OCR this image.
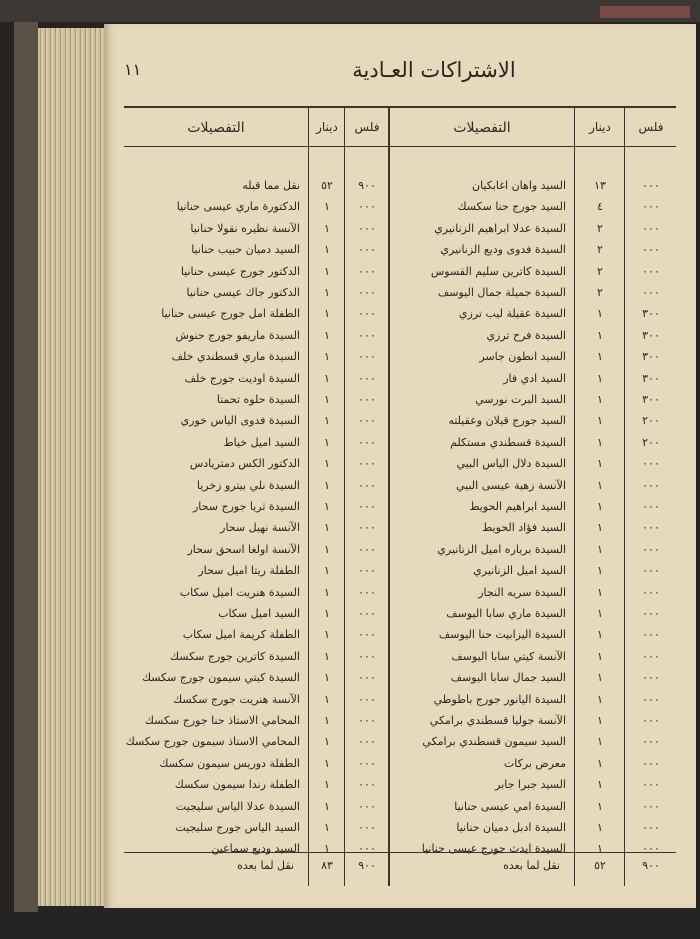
١١	الاشتراكات العـادية
فلس
دينار
التفصيلات
فلس
دينار
التفصيلات
٠٠٠
١٣
السيد واهان اغابكيان
٠٠٠
٤
السيد جورج حنا سكسك
٠٠٠
٢
السيدة عدلا ابراهيم الزنانيري
٠٠٠
٢
السيدة فدوى وديع الزنانيري
٠٠٠
٢
السيدة كاترين سليم القسوس
٠٠٠
٢
السيدة جميلة جمال اليوسف
٣٠٠
١
السيدة عقيلة ليب ترزي
٣٠٠
١
السيدة فرح ترزي
٣٠٠
١
السيد انطون جاسر
٣٠٠
١
السيد ادي فار
٣٠٠
١
السيد البرت نورسي
٢٠٠
١
السيد جورج قيلان وعقيلته
٢٠٠
١
السيدة قسطندي مستكلم
٠٠٠
١
السيدة دلال الياس البيي
٠٠٠
١
الآنسة زهية عيسى البيي
٠٠٠
١
السيد ابراهيم الحويط
٠٠٠
١
السيد فؤاد الحويط
٠٠٠
١
السيدة برباره اميل الزنانيري
٠٠٠
١
السيد اميل الزنانيري
٠٠٠
١
السيدة سريه النجار
٠٠٠
١
السيدة ماري سابا اليوسف
٠٠٠
١
السيدة اليزابيت حنا اليوسف
٠٠٠
١
الآنسة كيتي سابا اليوسف
٠٠٠
١
السيد جمال سابا اليوسف
٠٠٠
١
السيدة اليانور جورج باطوطي
٠٠٠
١
الآنسة جوليا قسطندي برامكي
٠٠٠
١
السيد سيمون قسطندي برامكي
٠٠٠
١
معرض بركات
٠٠٠
١
السيد جبرا جابر
٠٠٠
١
السيدة امي عيسى حنانيا
٠٠٠
١
السيدة ادبل دميان حنانيا
٠٠٠
١
السيدة ايدث جورج عيسى حنانيا
٩٠٠
٥٢
نقل مما قبله
٠٠٠
١
الدكتورة ماري عيسى حنانيا
٠٠٠
١
الآنسة نظيره نقولا حنانيا
٠٠٠
١
السيد دميان حبيب حنانيا
٠٠٠
١
الدكتور جورج عيسى حنانيا
٠٠٠
١
الدكتور جاك عيسى حنانيا
٠٠٠
١
الطفلة امل جورج عيسى حنانيا
٠٠٠
١
السيدة ماريفو جورج حنوش
٠٠٠
١
السيدة ماري قسطندي خلف
٠٠٠
١
السيدة اوديت جورج خلف
٠٠٠
١
السيدة حلوه تحمتا
٠٠٠
١
السيدة فدوى الياس خوري
٠٠٠
١
السيد اميل خياط
٠٠٠
١
الدكتور الكس دمتريادس
٠٠٠
١
السيدة نلي بيترو زخريا
٠٠٠
١
السيدة ثريا جورج سحار
٠٠٠
١
الآنسة نهيل سحار
٠٠٠
١
الآنسة اولغا اسحق سحار
٠٠٠
١
الطفلة ريتا اميل سحار
٠٠٠
١
السيدة هنريت اميل سكاب
٠٠٠
١
السيد اميل سكاب
٠٠٠
١
الطفلة كريمة اميل سكاب
٠٠٠
١
السيدة كاترين جورج سكسك
٠٠٠
١
السيدة كيتي سيمون جورج سكسك
٠٠٠
١
الآنسة هنريت جورج سكسك
٠٠٠
١
المحامي الاستاذ حنا جورج سكسك
٠٠٠
١
المحامي الاستاذ سيمون جورج سكسك
٠٠٠
١
الطفلة دوريس سيمون سكسك
٠٠٠
١
الطفلة رندا سيمون سكسك
٠٠٠
١
السيدة عدلا الياس سليجيت
٠٠٠
١
السيد الياس جورج سليجيت
٠٠٠
١
السيد وديع سماعين
٩٠٠
٥٢
نقل لما بعده
٩٠٠
٨٣
نقل لما بعده
